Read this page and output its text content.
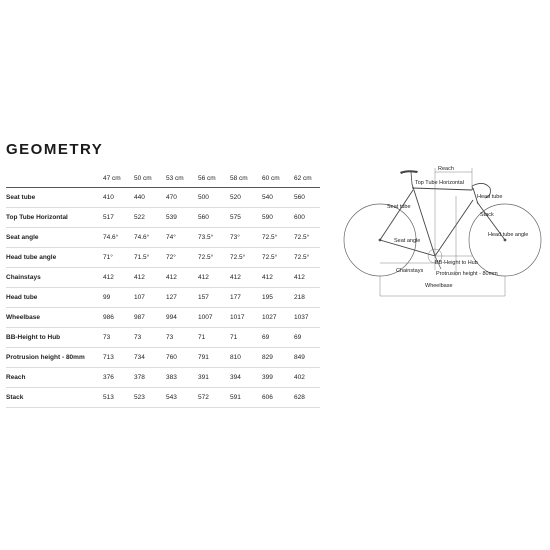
GEOMETRY
	47 cm	50 cm	53 cm	56 cm	58 cm	60 cm	62 cm
Seat tube	410	440	470	500	520	540	560
Top Tube Horizontal	517	522	539	560	575	590	600
Seat angle	74.6°	74.6°	74°	73.5°	73°	72.5°	72.5°
Head tube angle	71°	71.5°	72°	72.5°	72.5°	72.5°	72.5°
Chainstays	412	412	412	412	412	412	412
Head tube	99	107	127	157	177	195	218
Wheelbase	986	987	994	1007	1017	1027	1037
BB-Height to Hub	73	73	73	71	71	69	69
Protrusion height - 80mm	713	734	760	791	810	829	849
Reach	376	378	383	391	394	399	402
Stack	513	523	543	572	591	606	628
Reach
Top Tube Horizontal
Head tube
Seat tube
Stack
Head tube angle
Seat angle
BB-Height to Hub
Chainstays Protrusion height - 80mm
Wheelbase
